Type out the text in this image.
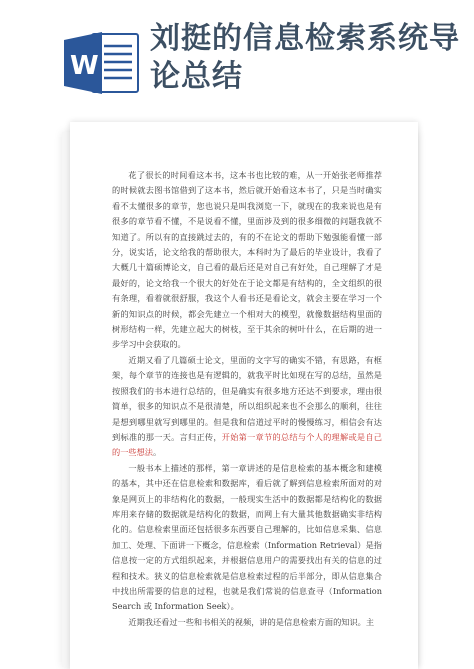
W
刘挺的信息检索系统导论总结

花了很长的时间看这本书，这本书也比较的难，从一开始张老师推荐的时候就去图书馆借到了这本书，然后就开始看这本书了，只是当时确实看不太懂很多的章节，您也说只是叫我浏览一下，就现在的我来说也是有很多的章节看不懂，不是说看不懂，里面涉及到的很多细微的问题我就不知道了。所以有的直接跳过去的，有的不在论文的帮助下勉强能看懂一部分，说实话，论文给我的帮助很大，本科时为了最后的毕业设计，我看了大概几十篇硕博论文，自己看的最后还是对自己有好处，自己理解了才是最好的，论文给我一个很大的好处在于论文都是有结构的，全文组织的很有条理，看着就很舒服，我这个人看书还是看论文，就会主要在学习一个新的知识点的时候，都会先建立一个相对大的模型，就像数据结构里面的树形结构一样，先建立起大的树枝，至于其余的树叶什么，在后期的进一步学习中会获取的。

近期又看了几篇硕士论文，里面的文字写的确实不错，有思路，有框架，每个章节的连接也是有逻辑的，就我平时比如现在写的总结，虽然是按照我们的书本进行总结的，但是确实有很多地方还达不到要求，理由很简单，很多的知识点不是很清楚，所以组织起来也不会那么的顺利，往往是想到哪里就写到哪里的。但是我和信道过平时的慢慢练习，相信会有达到标准的那一天。言归正传，开始第一章节的总结与个人的理解或是自己的一些想法。

一般书本上描述的那样，第一章讲述的是信息检索的基本概念和建模的基本，其中还在信息检索和数据库，看后就了解到信息检索所面对的对象是网页上的非结构化的数据，一般现实生活中的数据都是结构化的数据库用来存储的数据就是结构化的数据，而网上有大量其他数据确实非结构化的。信息检索里面还包括很多东西要自己理解的，比如信息采集、信息加工、处理、下面讲一下概念，信息检索（Information Retrieval）是指信息按一定的方式组织起来，并根据信息用户的需要找出有关的信息的过程和技术。狭义的信息检索就是信息检索过程的后半部分，即从信息集合中找出所需要的信息的过程，也就是我们常说的信息查寻（Information Search 或 Information Seek）。

近期我还看过一些和书相关的视频，讲的是信息检索方面的知识。主
